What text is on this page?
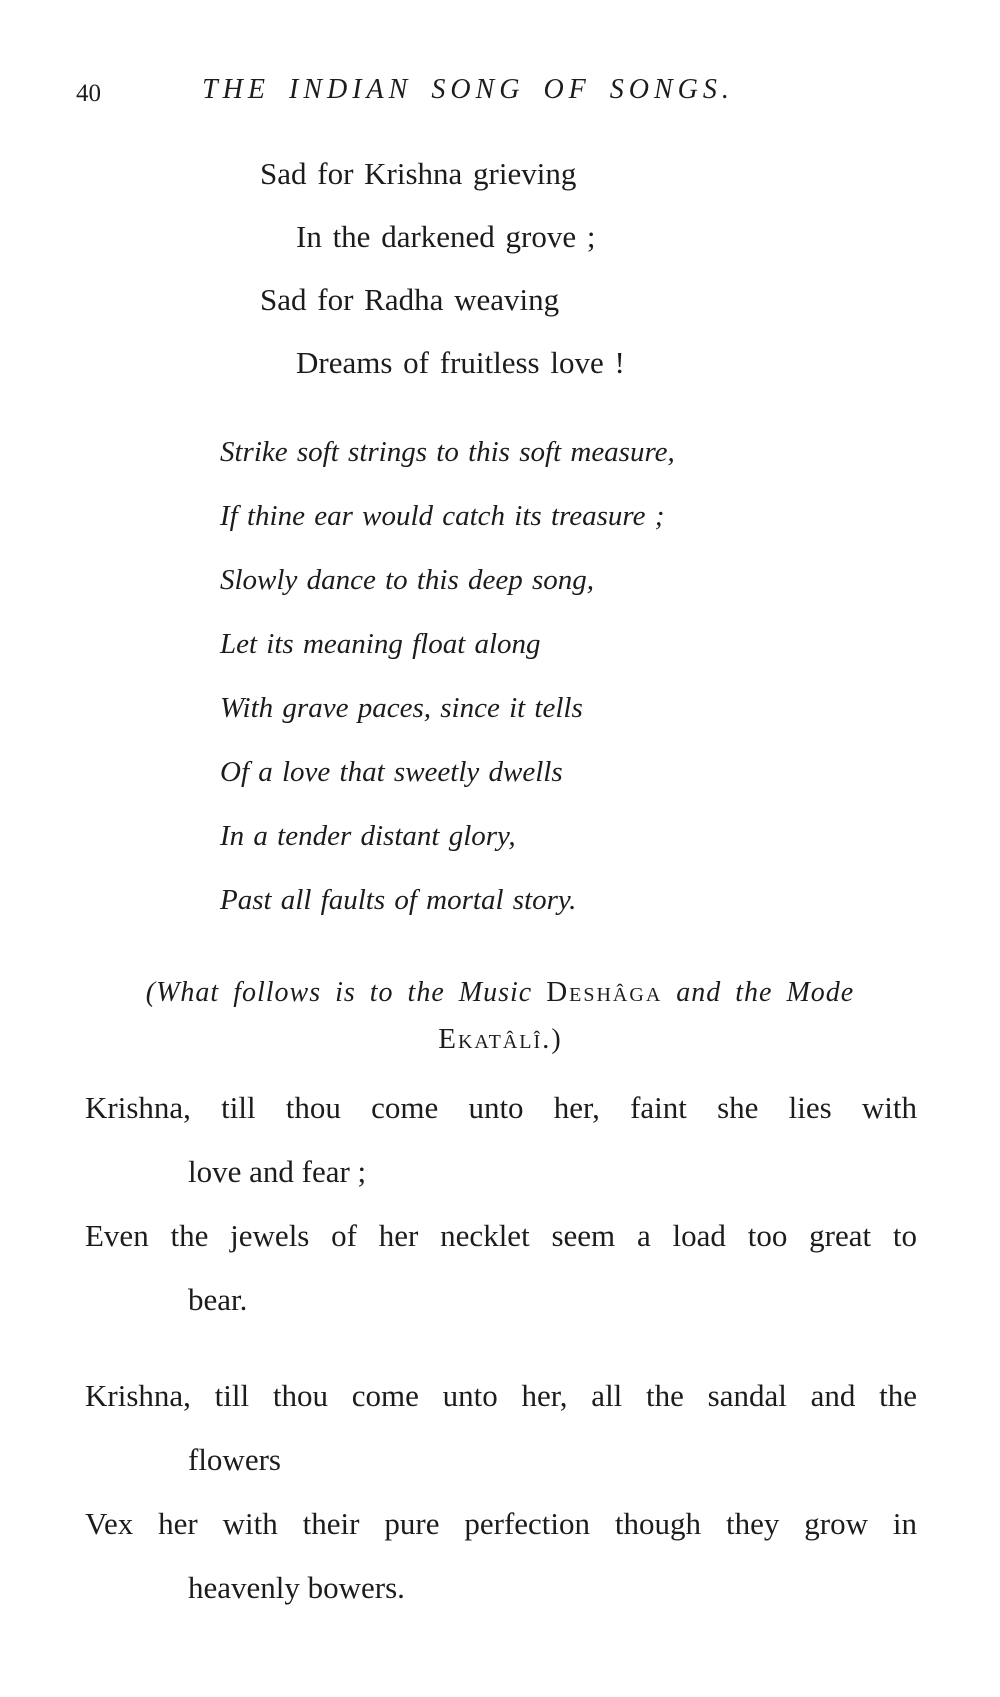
40	THE INDIAN SONG OF SONGS.
Sad for Krishna grieving
In the darkened grove ;
Sad for Radha weaving
Dreams of fruitless love !
Strike soft strings to this soft measure,
If thine ear would catch its treasure ;
Slowly dance to this deep song,
Let its meaning float along
With grave paces, since it tells
Of a love that sweetly dwells
In a tender distant glory,
Past all faults of mortal story.
(What follows is to the Music Deshâga and the Mode
Ekatâlî.)
Krishna, till thou come unto her, faint she lies with
love and fear ;
Even the jewels of her necklet seem a load too great to
bear.
Krishna, till thou come unto her, all the sandal and the
flowers
Vex her with their pure perfection though they grow in
heavenly bowers.
